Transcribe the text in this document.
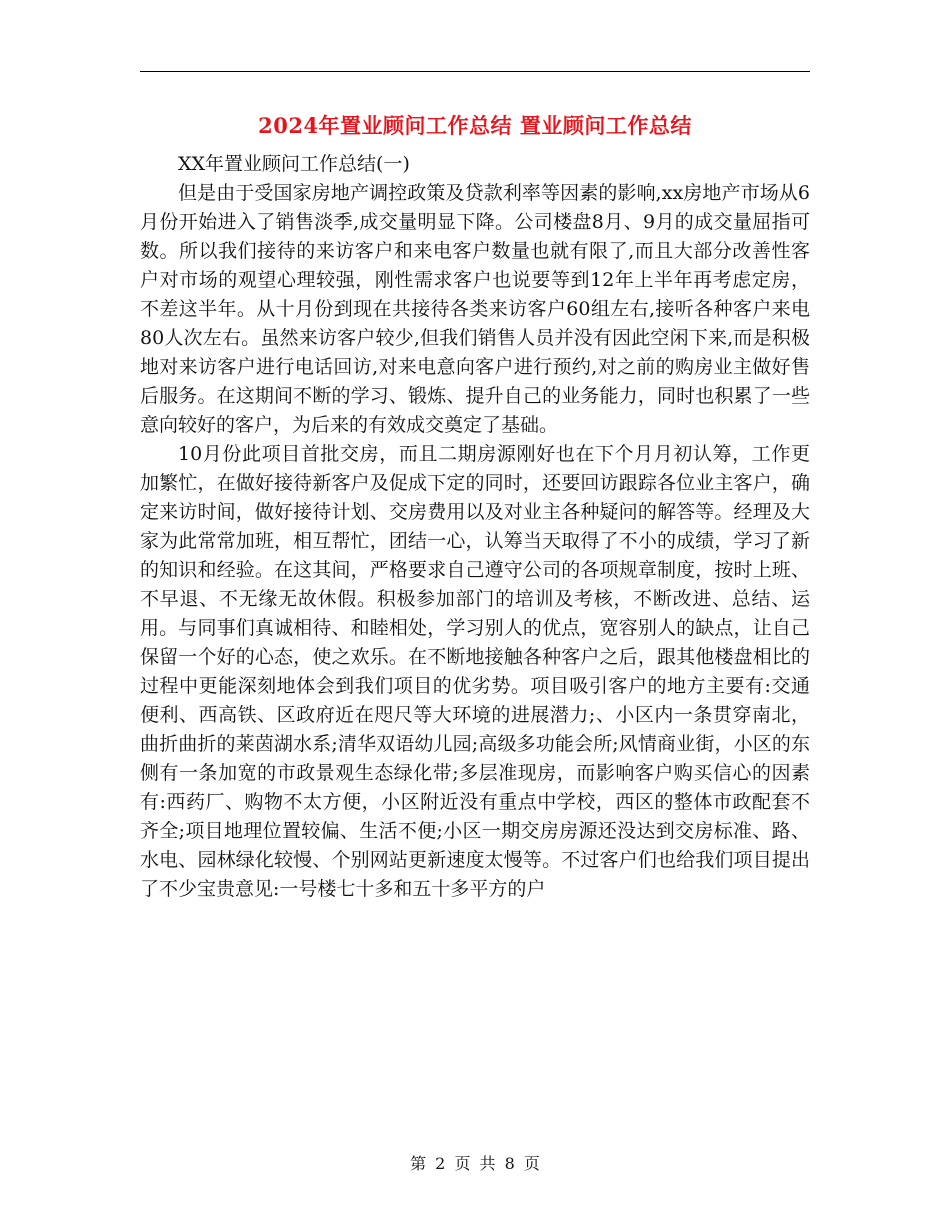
2024年置业顾问工作总结 置业顾问工作总结
XX年置业顾问工作总结(一)

但是由于受国家房地产调控政策及贷款利率等因素的影响,xx房地产市场从6月份开始进入了销售淡季,成交量明显下降。公司楼盘8月、9月的成交量屈指可数。所以我们接待的来访客户和来电客户数量也就有限了,而且大部分改善性客户对市场的观望心理较强，刚性需求客户也说要等到12年上半年再考虑定房，不差这半年。从十月份到现在共接待各类来访客户60组左右,接听各种客户来电80人次左右。虽然来访客户较少,但我们销售人员并没有因此空闲下来,而是积极地对来访客户进行电话回访,对来电意向客户进行预约,对之前的购房业主做好售后服务。在这期间不断的学习、锻炼、提升自己的业务能力，同时也积累了一些意向较好的客户，为后来的有效成交奠定了基础。

10月份此项目首批交房，而且二期房源刚好也在下个月月初认筹，工作更加繁忙，在做好接待新客户及促成下定的同时，还要回访跟踪各位业主客户，确定来访时间，做好接待计划、交房费用以及对业主各种疑问的解答等。经理及大家为此常常加班，相互帮忙，团结一心，认筹当天取得了不小的成绩，学习了新的知识和经验。在这其间，严格要求自己遵守公司的各项规章制度，按时上班、不早退、不无缘无故休假。积极参加部门的培训及考核，不断改进、总结、运用。与同事们真诚相待、和睦相处，学习别人的优点，宽容别人的缺点，让自己保留一个好的心态，使之欢乐。在不断地接触各种客户之后，跟其他楼盘相比的过程中更能深刻地体会到我们项目的优劣势。项目吸引客户的地方主要有:交通便利、西高铁、区政府近在咫尺等大环境的进展潜力;、小区内一条贯穿南北，曲折曲折的莱茵湖水系;清华双语幼儿园;高级多功能会所;风情商业街，小区的东侧有一条加宽的市政景观生态绿化带;多层准现房，而影响客户购买信心的因素有:西药厂、购物不太方便，小区附近没有重点中学校，西区的整体市政配套不齐全;项目地理位置较偏、生活不便;小区一期交房房源还没达到交房标准、路、水电、园林绿化较慢、个别网站更新速度太慢等。不过客户们也给我们项目提出了不少宝贵意见:一号楼七十多和五十多平方的户

第 2 页 共 8 页
